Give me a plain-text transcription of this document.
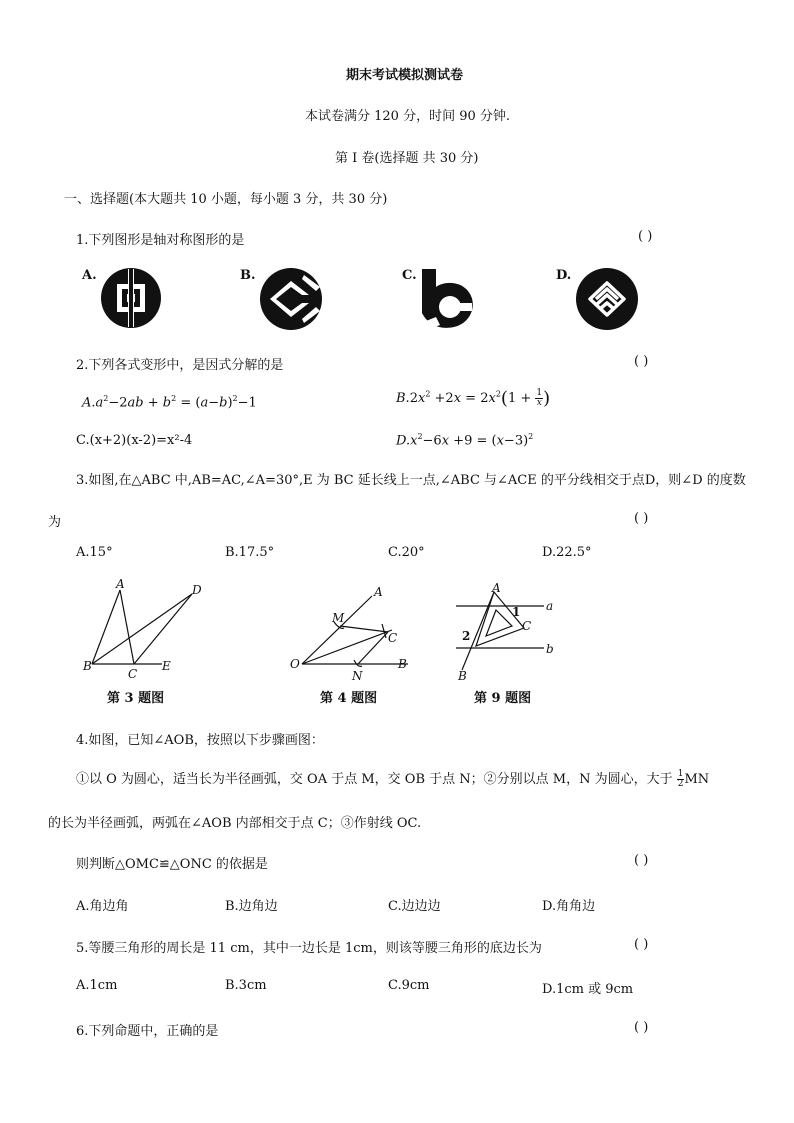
期末考试模拟测试卷
本试卷满分 120 分，时间 90 分钟.
第 I 卷(选择题 共 30 分)
一、选择题(本大题共 10 小题，每小题 3 分，共 30 分)
1.下列图形是轴对称图形的是	( )
A.	B.	C.	D.
2.下列各式变形中，是因式分解的是	( )
$A.a^2-2ab + b^2 = (a-b)^2-1$	$B.2x^2 +2x = 2x^2(1 + \frac{1}{x}$ )
C.(x+2)(x-2)=x²-4	$D.x^2-6x +9 = (x-3)^2$
3.如图,在△ABC 中,AB=AC,∠A=30°,E 为 BC 延长线上一点,∠ABC 与∠ACE 的平分线相交于点D，则∠D 的度数
为	( )
A.15°	B.17.5°	C.20°	D.22.5°
A	D
B
C
E
第 3 题图
A
M
C
O
N
B
第 4 题图
A
a
b
C
1
2
B
第 9 题图
4.如图，已知∠AOB，按照以下步骤画图：
①以 O 为圆心，适当长为半径画弧，交 OA 于点 M，交 OB 于点 N；②分别以点 M，N 为圆心，大于 $\frac{1}{2}$ MN
的长为半径画弧，两弧在∠AOB 内部相交于点 C；③作射线 OC.
则判断△OMC≌△ONC 的依据是	( )
A.角边角	B.边角边	C.边边边	D.角角边
5.等腰三角形的周长是 11 cm，其中一边长是 1cm，则该等腰三角形的底边长为	( )
A.1cm	B.3cm	C.9cm	D.1cm 或 9cm
6.下列命题中，正确的是	( )
